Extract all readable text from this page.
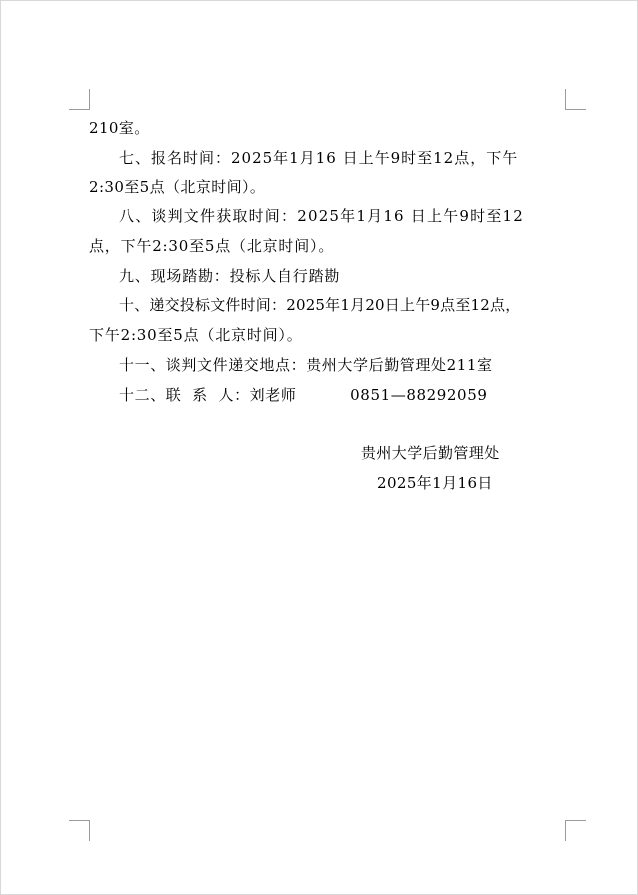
210室。
七、报名时间：2025年1月16 日上午9时至12点，下午
2:30至5点（北京时间）。
八、谈判文件获取时间：2025年1月16 日上午9时至12
点，下午2:30至5点（北京时间）。
九、现场踏勘：投标人自行踏勘
十、递交投标文件时间：2025年1月20日上午9点至12点，
下午2:30至5点（北京时间）。
十一、谈判文件递交地点：贵州大学后勤管理处211室
十二、联  系  人：刘老师          0851—88292059
贵州大学后勤管理处
2025年1月16日
